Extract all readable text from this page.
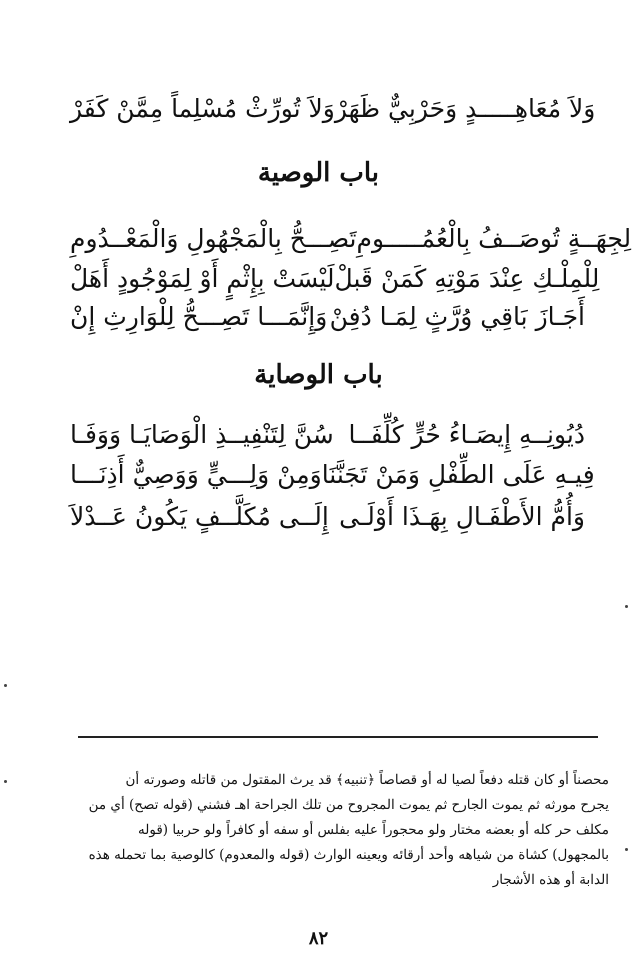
وَلاَ تُورِّثْ مُسْلِماً مِمَّنْ كَفَرْ وَلاَ مُعَاهِـــــدٍ وَحَرْبِيٌّ ظَهَرْ
باب الوصية
تَصِـــحُّ بِالْمَجْهُولِ وَالْمَعْــدُومِ لِجِهَــةٍ تُوصَــفُ بِالْعُمُـــــومِ
لَيْسَتْ بِإِثْمٍ أَوْ لِمَوْجُودٍ أَهَلْ لِلْمِلْـكِ عِنْدَ مَوْتِهِ كَمَنْ قَبلْ
وَإِنَّمَـــا تَصِـــحُّ لِلْوَارِثِ إِنْ أَجَـازَ بَاقِي وُرَّثٍ لِمَـا دُفِنْ
باب الوصاية
سُنَّ لِتَنْفِيــذِ الْوَصَايَـا وَوَفَـا دُيُونِــهِ إِيصَـاءُ حُرٍّ كُلِّفَــا
وَمِنْ وَلِـــيٍّ وَوَصِيٌّ أَذِنَـــا فِيـهِ عَلَى الطِّفْلِ وَمَنْ تَجَنَّنَا
إِلَــى مُكَلَّــفٍ يَكُونُ عَــدْلاَ وَأُمُّ الأَطْفَـالِ بِهَـذَا أَوْلَـى

محصناً أو كان قتله دفعاً لصيا له أو قصاصاً ﴿تنبيه﴾ قد يرث المقتول من قاتله وصورته أن

يجرح مورثه ثم يموت الجارح ثم يموت المجروح من تلك الجراحة اهـ فشني (قوله تصح) أي من

مكلف حر كله أو بعضه مختار ولو محجوراً عليه بفلس أو سفه أو كافراً ولو حربيا (قوله

بالمجهول) كشاة من شياهه وأحد أرقائه ويعينه الوارث (قوله والمعدوم) كالوصية بما تحمله هذه

الدابة أو هذه الأشجار

٨٢
